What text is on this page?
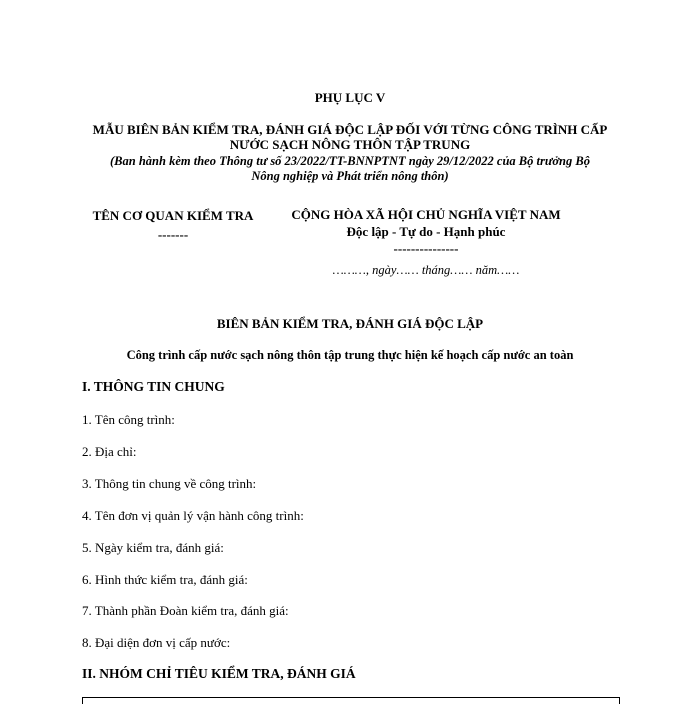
PHỤ LỤC V
MẪU BIÊN BẢN KIỂM TRA, ĐÁNH GIÁ ĐỘC LẬP ĐỐI VỚI TỪNG CÔNG TRÌNH CẤP
NƯỚC SẠCH NÔNG THÔN TẬP TRUNG
(Ban hành kèm theo Thông tư số 23/2022/TT-BNNPTNT ngày 29/12/2022 của Bộ trưởng Bộ
Nông nghiệp và Phát triển nông thôn)
TÊN CƠ QUAN KIỂM TRA
-------
CỘNG HÒA XÃ HỘI CHỦ NGHĨA VIỆT NAM
Độc lập - Tự do - Hạnh phúc
---------------
………, ngày…… tháng…… năm……
BIÊN BẢN KIỂM TRA, ĐÁNH GIÁ ĐỘC LẬP
Công trình cấp nước sạch nông thôn tập trung thực hiện kế hoạch cấp nước an toàn
I. THÔNG TIN CHUNG
1. Tên công trình:
2. Địa chỉ:
3. Thông tin chung về công trình:
4. Tên đơn vị quản lý vận hành công trình:
5. Ngày kiểm tra, đánh giá:
6. Hình thức kiểm tra, đánh giá:
7. Thành phần Đoàn kiểm tra, đánh giá:
8. Đại diện đơn vị cấp nước:
II. NHÓM CHỈ TIÊU KIỂM TRA, ĐÁNH GIÁ
